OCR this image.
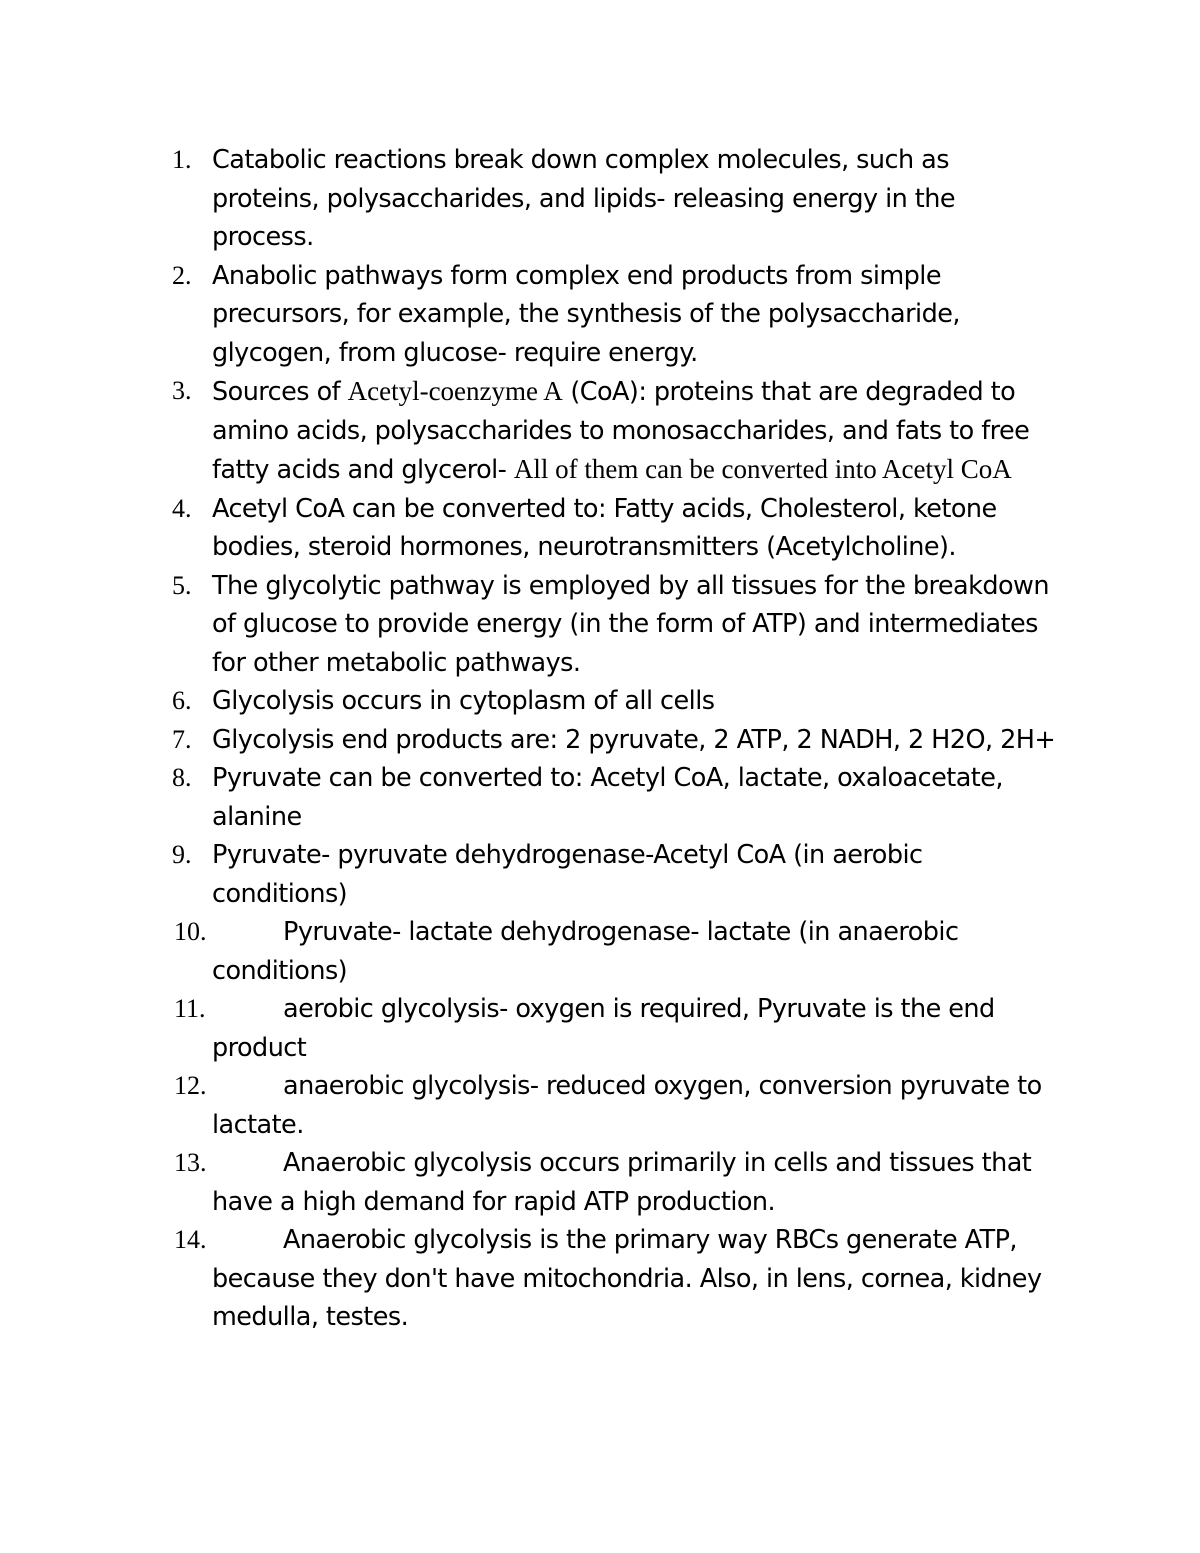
1. Catabolic reactions break down complex molecules, such as proteins, polysaccharides, and lipids- releasing energy in the process.
2. Anabolic pathways form complex end products from simple precursors, for example, the synthesis of the polysaccharide, glycogen, from glucose- require energy.
3. Sources of Acetyl-coenzyme A (CoA): proteins that are degraded to amino acids, polysaccharides to monosaccharides, and fats to free fatty acids and glycerol- All of them can be converted into Acetyl CoA
4. Acetyl CoA can be converted to: Fatty acids, Cholesterol, ketone bodies, steroid hormones, neurotransmitters (Acetylcholine).
5. The glycolytic pathway is employed by all tissues for the breakdown of glucose to provide energy (in the form of ATP) and intermediates for other metabolic pathways.
6. Glycolysis occurs in cytoplasm of all cells
7. Glycolysis end products are: 2 pyruvate, 2 ATP, 2 NADH, 2 H2O, 2H+
8. Pyruvate can be converted to: Acetyl CoA, lactate, oxaloacetate, alanine
9. Pyruvate- pyruvate dehydrogenase-Acetyl CoA (in aerobic conditions)
10.	Pyruvate- lactate dehydrogenase- lactate (in anaerobic conditions)
11.	aerobic glycolysis- oxygen is required, Pyruvate is the end product
12.	anaerobic glycolysis- reduced oxygen, conversion pyruvate to lactate.
13.	Anaerobic glycolysis occurs primarily in cells and tissues that have a high demand for rapid ATP production.
14.	Anaerobic glycolysis is the primary way RBCs generate ATP, because they don't have mitochondria. Also, in lens, cornea, kidney medulla, testes.
